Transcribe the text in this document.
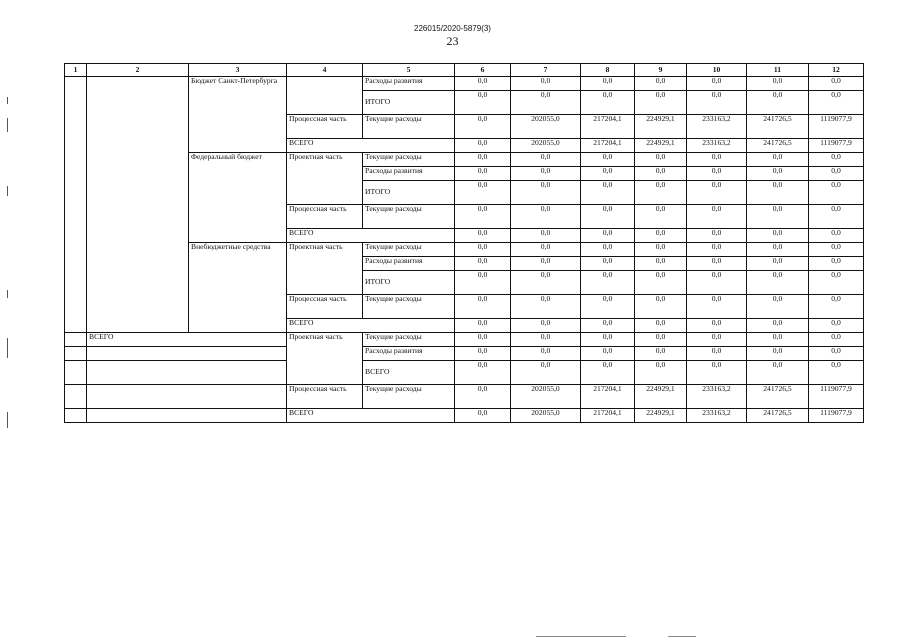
226015/2020-5879(3)
23
1	2	3	4	5	6	7	8	9	10	11	12
		Бюджет Санкт-Петербурга		Расходы развития	0,0	0,0	0,0	0,0	0,0	0,0	0,0
				ИТОГО	0,0	0,0	0,0	0,0	0,0	0,0	0,0
			Процессная часть	Текущие расходы	0,0	202055,0	217204,1	224929,1	233163,2	241726,5	1119077,9
			ВСЕГО		0,0	202055,0	217204,1	224929,1	233163,2	241726,5	1119077,9
		Федеральный бюджет	Проектная часть	Текущие расходы	0,0	0,0	0,0	0,0	0,0	0,0	0,0
				Расходы развития	0,0	0,0	0,0	0,0	0,0	0,0	0,0
				ИТОГО	0,0	0,0	0,0	0,0	0,0	0,0	0,0
			Процессная часть	Текущие расходы	0,0	0,0	0,0	0,0	0,0	0,0	0,0
			ВСЕГО		0,0	0,0	0,0	0,0	0,0	0,0	0,0
		Внебюджетные средства	Проектная часть	Текущие расходы	0,0	0,0	0,0	0,0	0,0	0,0	0,0
				Расходы развития	0,0	0,0	0,0	0,0	0,0	0,0	0,0
				ИТОГО	0,0	0,0	0,0	0,0	0,0	0,0	0,0
			Процессная часть	Текущие расходы	0,0	0,0	0,0	0,0	0,0	0,0	0,0
			ВСЕГО		0,0	0,0	0,0	0,0	0,0	0,0	0,0
	ВСЕГО		Проектная часть	Текущие расходы	0,0	0,0	0,0	0,0	0,0	0,0	0,0
				Расходы развития	0,0	0,0	0,0	0,0	0,0	0,0	0,0
				ВСЕГО	0,0	0,0	0,0	0,0	0,0	0,0	0,0
			Процессная часть	Текущие расходы	0,0	202055,0	217204,1	224929,1	233163,2	241726,5	1119077,9
			ВСЕГО		0,0	202055,0	217204,1	224929,1	233163,2	241726,5	1119077,9
